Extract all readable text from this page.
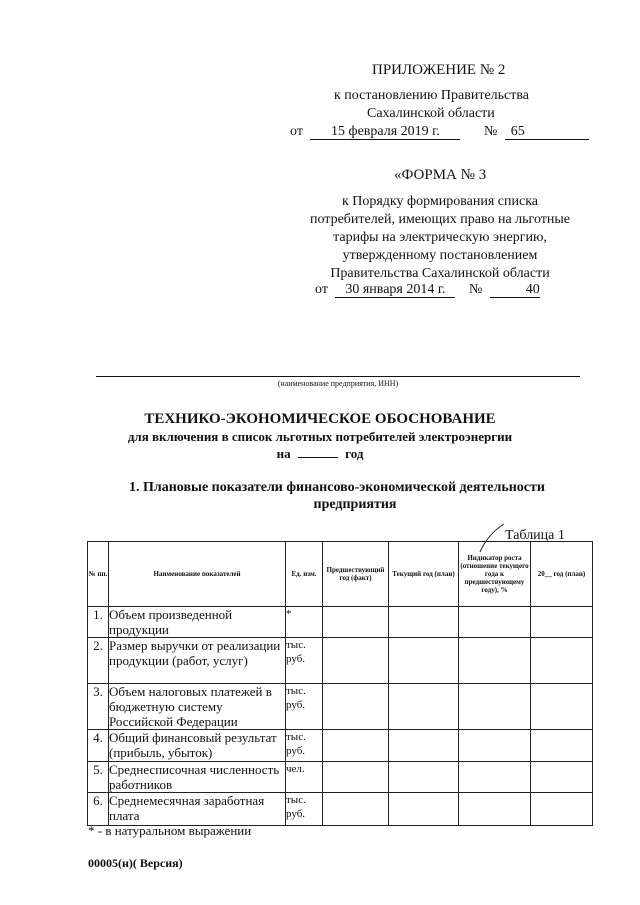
ПРИЛОЖЕНИЕ № 2
к постановлению Правительства
Сахалинской области
от 15 февраля 2019 г.	№ 65
«ФОРМА № 3
к Порядку формирования списка
потребителей, имеющих право на льготные
тарифы на электрическую энергию,
утвержденному постановлением
Правительства Сахалинской области
от 30 января 2014 г. №	40
(наименование предприятия, ИНН)
ТЕХНИКО-ЭКОНОМИЧЕСКОЕ ОБОСНОВАНИЕ
для включения в список льготных потребителей электроэнергии
на	год
1. Плановые показатели финансово-экономической деятельности
предприятия
Таблица 1
№ пп.	Наименование показателей	Ед. изм.	Предшествующий год (факт)	Текущий год (план)	Индикатор роста (отношение текущего года к предшествующему году), %	20__ год (план)
1.	Объем произведенной продукции	*				
2.	Размер выручки от реализации продукции (работ, услуг)	тыс. руб.				
3.	Объем налоговых платежей в бюджетную систему Российской Федерации	тыс. руб.				
4.	Общий финансовый результат (прибыль, убыток)	тыс. руб.				
5.	Среднесписочная численность работников	чел.				
6.	Среднемесячная заработная плата	тыс. руб.				
* - в натуральном выражении
00005(н)( Версия)
